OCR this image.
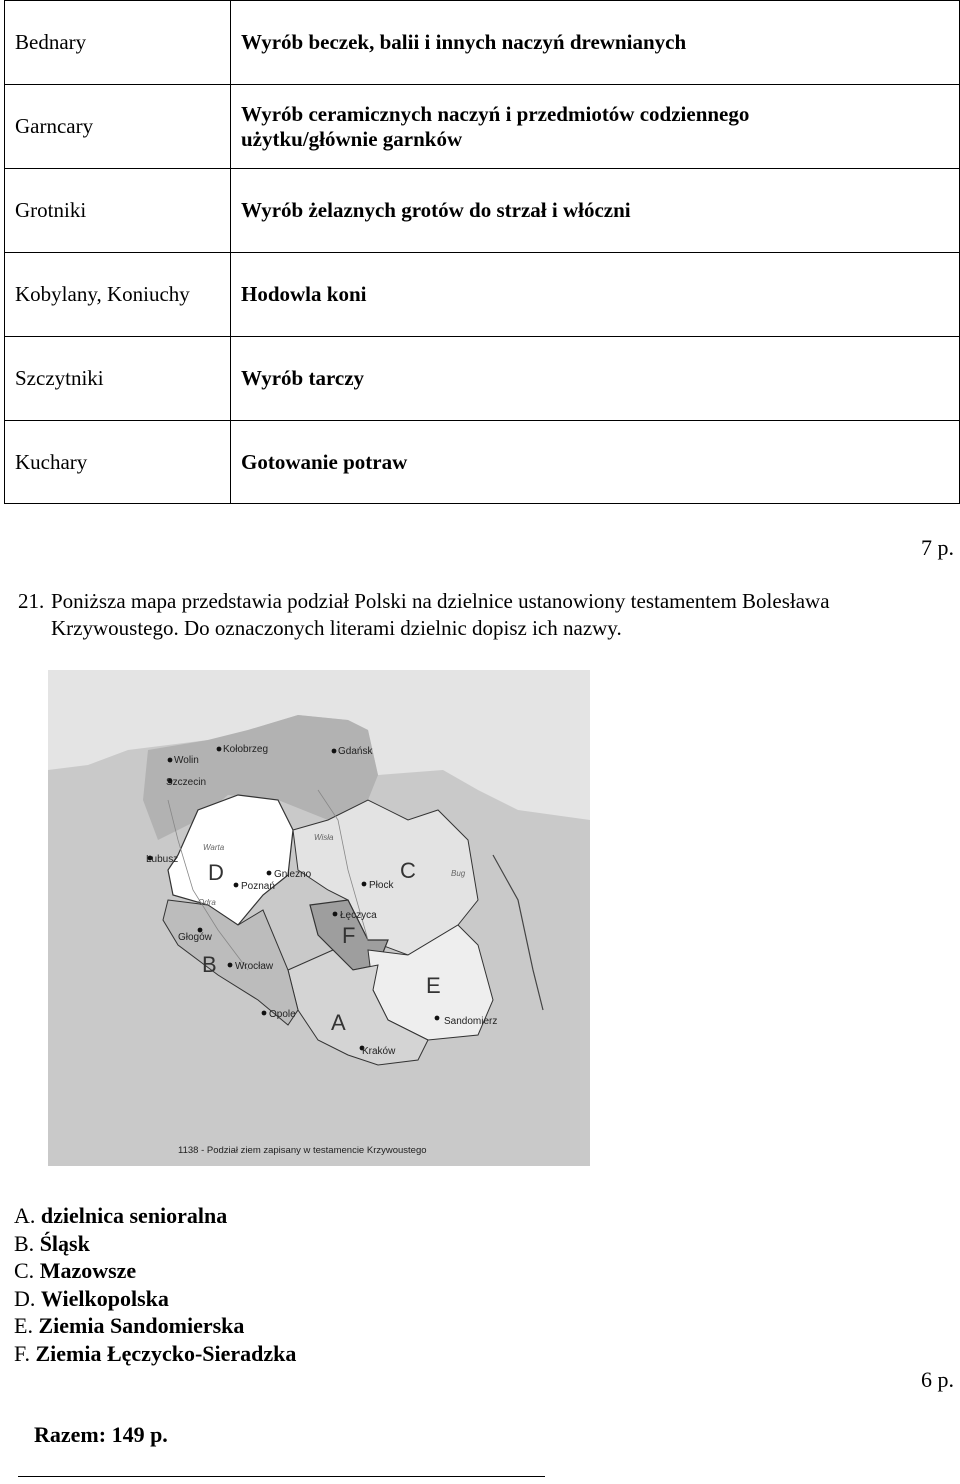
Bednary	Wyrób beczek, balii i innych naczyń drewnianych
Garncary	Wyrób ceramicznych naczyń i przedmiotów codziennego użytku/głównie garnków

Grotniki	Wyrób żelaznych grotów do strzał i włóczni
Kobylany, Koniuchy	Hodowla koni
Szczytniki	Wyrób tarczy
Kuchary	Gotowanie potraw
7 p.
21. Poniższa mapa przedstawia podział Polski na dzielnice ustanowiony testamentem Bolesława Krzywoustego. Do oznaczonych literami dzielnic dopisz ich nazwy.
Kołobrzeg	Gdańsk
Wolin
Szczecin
Lubusz
Poznań
Gniezno
Płock
Łęczyca
Głogów
Wrocław
Opole
Sandomierz
Kraków
Warta
Wisła
Odra
Bug
A
B
C
D
E
F
1138 - Podział ziem zapisany w testamencie Krzywoustego
A. dzielnica senioralna
B. Śląsk
C. Mazowsze
D. Wielkopolska
E. Ziemia Sandomierska
F. Ziemia Łęczycko-Sieradzka
6 p.
Razem: 149 p.
